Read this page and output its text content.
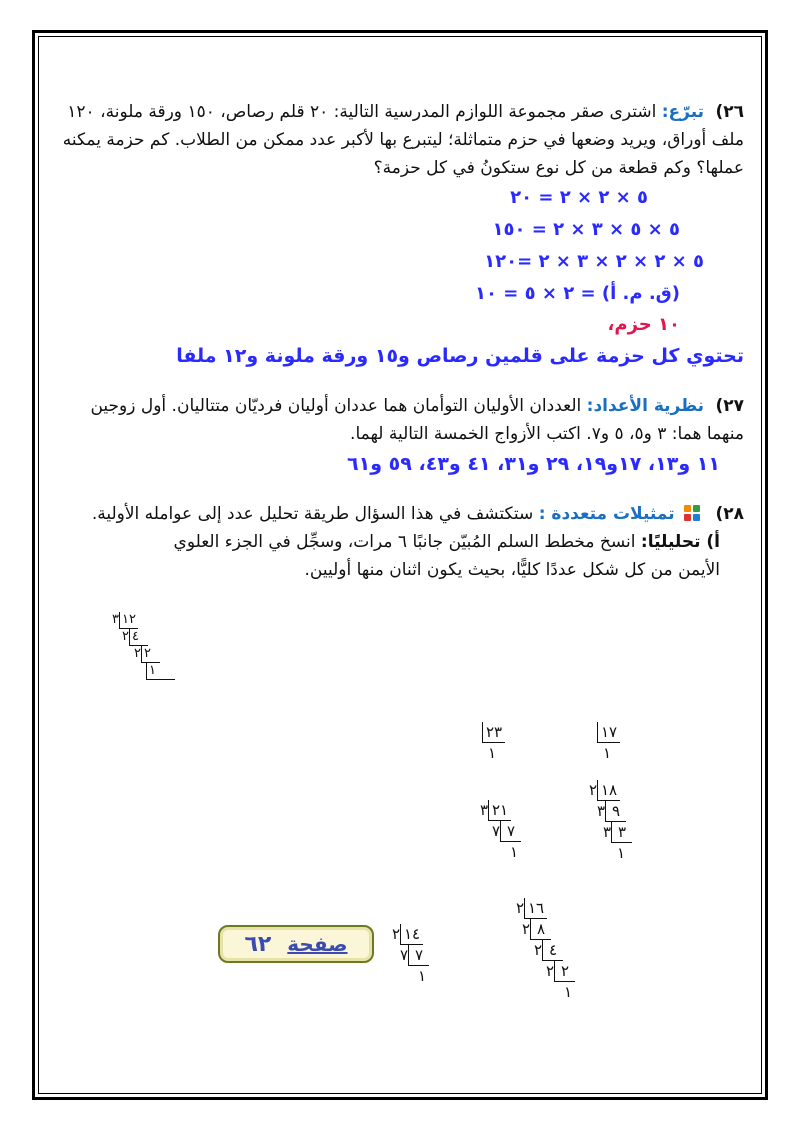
٢٦) تبرّع: اشترى صقر مجموعة اللوازم المدرسية التالية: ٢٠ قلم رصاص، ١٥٠ ورقة ملونة، ١٢٠ ملف أوراق، ويريد وضعها في حزم متماثلة؛ ليتبرع بها لأكبر عدد ممكن من الطلاب. كم حزمة يمكنه عملها؟ وكم قطعة من كل نوع ستكونُ في كل حزمة؟

٥ × ٢ × ٢ = ٢٠
٥ × ٥ × ٣ × ٢ = ١٥٠
٥ × ٢ × ٢ × ٣ × ٢ =١٢٠
(ق. م. أ) = ٢ × ٥ = ١٠
١٠ حزم،
تحتوي كل حزمة على قلمين رصاص و١٥ ورقة ملونة و١٢ ملفا

٢٧) نظرية الأعداد: العددان الأوليان التوأمان هما عددان أوليان فرديّان متتاليان. أول زوجين منهما هما: ٣ و٥، ٥ و٧. اكتب الأزواج الخمسة التالية لهما.

١١ و١٣، ١٧و١٩، ٢٩ و٣١، ٤١ و٤٣، ٥٩ و٦١

٢٨)
تمثيلات متعددة : ستكتشف في هذا السؤال طريقة تحليل عدد إلى عوامله الأولية.

أ) تحليليًا: انسخ مخطط السلم المُبيّن جانبًا ٦ مرات، وسجِّل في الجزء العلوي الأيمن من كل شكل عددًا كليًّا، بحيث يكون اثنان منها أوليين.

٣ ١٢
٢ ٤
٢ ٢
١
١٧
١
٢٣
١
٢ ١٨
٣ ٩
٣ ٣
١
٣ ٢١
٧ ٧
١
٢ ١٦
٢ ٨
٢ ٤
٢ ٢
١
٢ ١٤
٧ ٧
١
صفحة
٦٢
